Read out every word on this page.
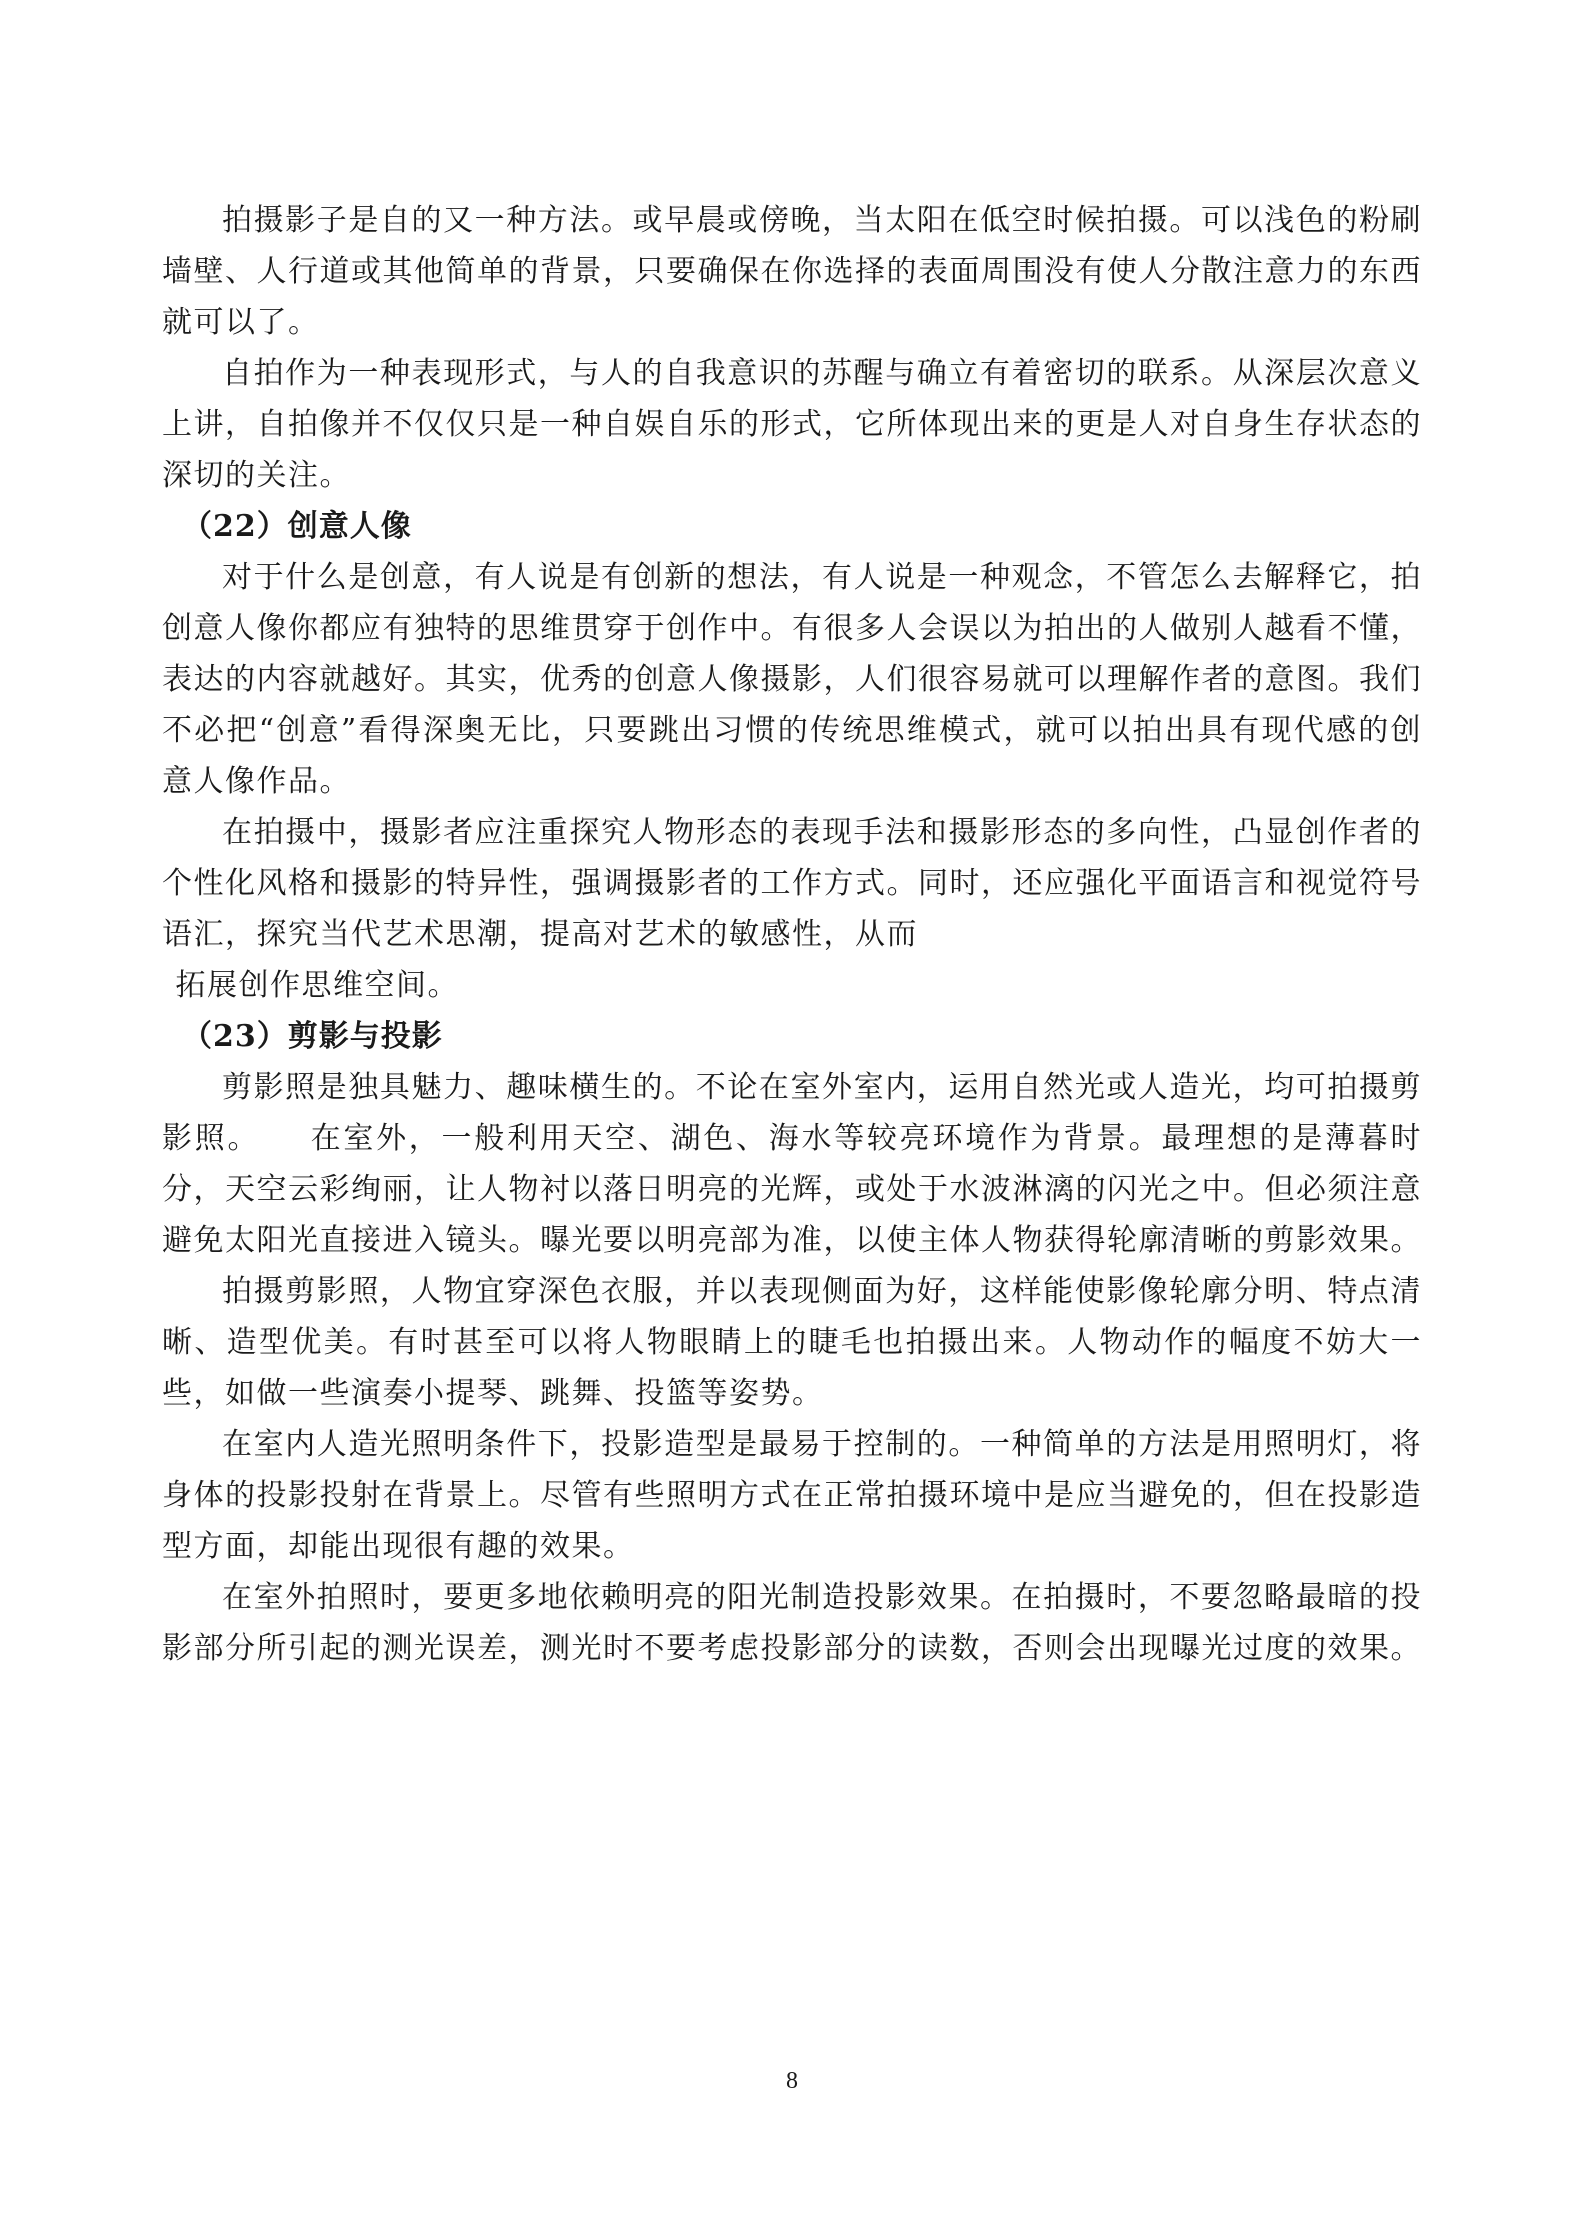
拍摄影子是自的又一种方法。或早晨或傍晚，当太阳在低空时候拍摄。可以浅色的粉刷墙壁、人行道或其他简单的背景，只要确保在你选择的表面周围没有使人分散注意力的东西就可以了。

自拍作为一种表现形式，与人的自我意识的苏醒与确立有着密切的联系。从深层次意义上讲，自拍像并不仅仅只是一种自娱自乐的形式，它所体现出来的更是人对自身生存状态的深切的关注。

（22）创意人像

对于什么是创意，有人说是有创新的想法，有人说是一种观念，不管怎么去解释它，拍创意人像你都应有独特的思维贯穿于创作中。有很多人会误以为拍出的人做别人越看不懂，表达的内容就越好。其实，优秀的创意人像摄影，人们很容易就可以理解作者的意图。我们不必把“创意”看得深奥无比，只要跳出习惯的传统思维模式，就可以拍出具有现代感的创意人像作品。

在拍摄中，摄影者应注重探究人物形态的表现手法和摄影形态的多向性，凸显创作者的个性化风格和摄影的特异性，强调摄影者的工作方式。同时，还应强化平面语言和视觉符号语汇，探究当代艺术思潮，提高对艺术的敏感性，从而

拓展创作思维空间。

（23）剪影与投影

剪影照是独具魅力、趣味横生的。不论在室外室内，运用自然光或人造光，均可拍摄剪影照。　　在室外，一般利用天空、湖色、海水等较亮环境作为背景。最理想的是薄暮时分，天空云彩绚丽，让人物衬以落日明亮的光辉，或处于水波淋漓的闪光之中。但必须注意避免太阳光直接进入镜头。曝光要以明亮部为准，以使主体人物获得轮廓清晰的剪影效果。

拍摄剪影照，人物宜穿深色衣服，并以表现侧面为好，这样能使影像轮廓分明、特点清晰、造型优美。有时甚至可以将人物眼睛上的睫毛也拍摄出来。人物动作的幅度不妨大一些，如做一些演奏小提琴、跳舞、投篮等姿势。

在室内人造光照明条件下，投影造型是最易于控制的。一种简单的方法是用照明灯，将身体的投影投射在背景上。尽管有些照明方式在正常拍摄环境中是应当避免的，但在投影造型方面，却能出现很有趣的效果。

在室外拍照时，要更多地依赖明亮的阳光制造投影效果。在拍摄时，不要忽略最暗的投影部分所引起的测光误差，测光时不要考虑投影部分的读数，否则会出现曝光过度的效果。

8
